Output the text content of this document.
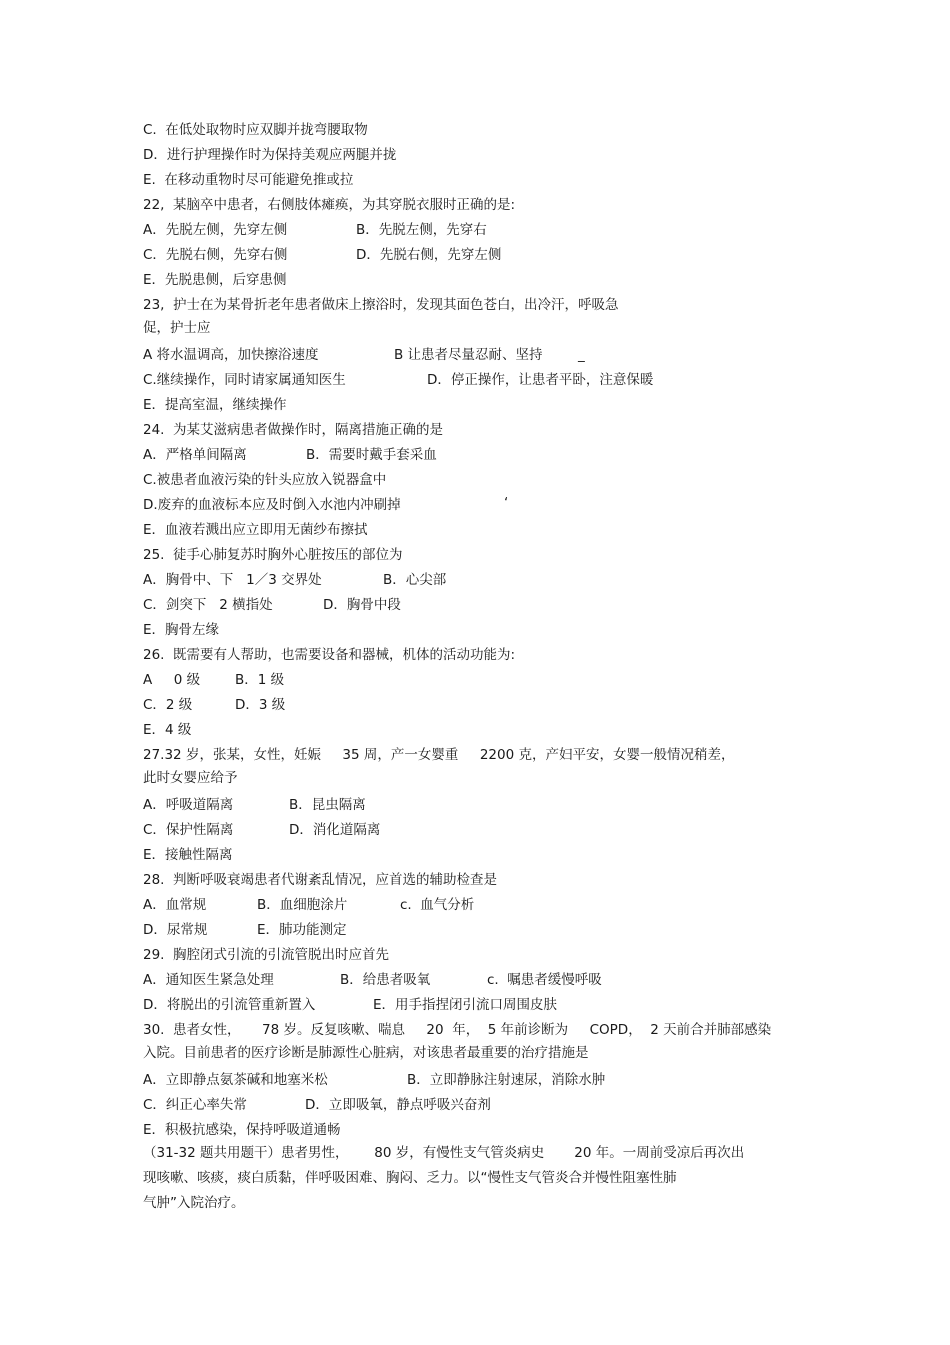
C.  在低处取物时应双脚并拢弯腰取物
D．进行护理操作时为保持美观应两腿并拢
E.  在移动重物时尽可能避免推或拉
22,  某脑卒中患者，右侧肢体瘫痪，为其穿脱衣服时正确的是:
A．先脱左侧，先穿左侧	B．先脱左侧，先穿右
C．先脱右侧，先穿右侧	D．先脱右侧，先穿左侧
E．先脱患侧，后穿患侧
23,  护士在为某骨折老年患者做床上擦浴时，发现其面色苍白，出冷汗，呼吸急
促，护士应
A 将水温调高，加快擦浴速度	B 让患者尽量忍耐、坚持	_
C.继续操作，同时请家属通知医生	D．停正操作，让患者平卧，注意保暖
E．提高室温，继续操作
24.  为某艾滋病患者做操作时，隔离措施正确的是
A．严格单间隔离	B．需要时戴手套采血
C.被患者血液污染的针头应放入锐器盒中
D.废弃的血液标本应及时倒入水池内冲刷掉	‘
E．血液若溅出应立即用无菌纱布擦拭
25.  徒手心肺复苏时胸外心脏按压的部位为
A．胸骨中、下   1／3 交界处	B．心尖部
C．剑突下   2 横指处	D．胸骨中段
E．胸骨左缘
26.  既需要有人帮助，也需要设备和器械，机体的活动功能为:
A     0 级	B．1 级
C．2 级	D．3 级
E．4 级
27.32 岁，张某，女性，妊娠     35 周，产一女婴重     2200 克，产妇平安，女婴一般情况稍差，
此时女婴应给予
A．呼吸道隔离	B．昆虫隔离
C．保护性隔离	D．消化道隔离
E．接触性隔离
28.  判断呼吸衰竭患者代谢紊乱情况，应首选的辅助检查是
A．血常规	B．血细胞涂片	c.  血气分析
D．尿常规	E．肺功能测定
29.  胸腔闭式引流的引流管脱出时应首先
A．通知医生紧急处理	B．给患者吸氧	c.  嘱患者缓慢呼吸
D．将脱出的引流管重新置入	E．用手指捏闭引流口周围皮肤
30.  患者女性，     78 岁。反复咳嗽、喘息     20  年，  5 年前诊断为     COPD，  2 天前合并肺部感染
入院。目前患者的医疗诊断是肺源性心脏病，对该患者最重要的治疗措施是
A．立即静点氨茶碱和地塞米松	B．立即静脉注射速尿，消除水肿
C．纠正心率失常	D．立即吸氧，静点呼吸兴奋剂
E．积极抗感染，保持呼吸道通畅
（31-32 题共用题干）患者男性，      80 岁，有慢性支气管炎病史       20 年。一周前受凉后再次出
现咳嗽、咳痰，痰白质黏，伴呼吸困难、胸闷、乏力。以“慢性支气管炎合并慢性阻塞性肺
气肿”入院治疗。
